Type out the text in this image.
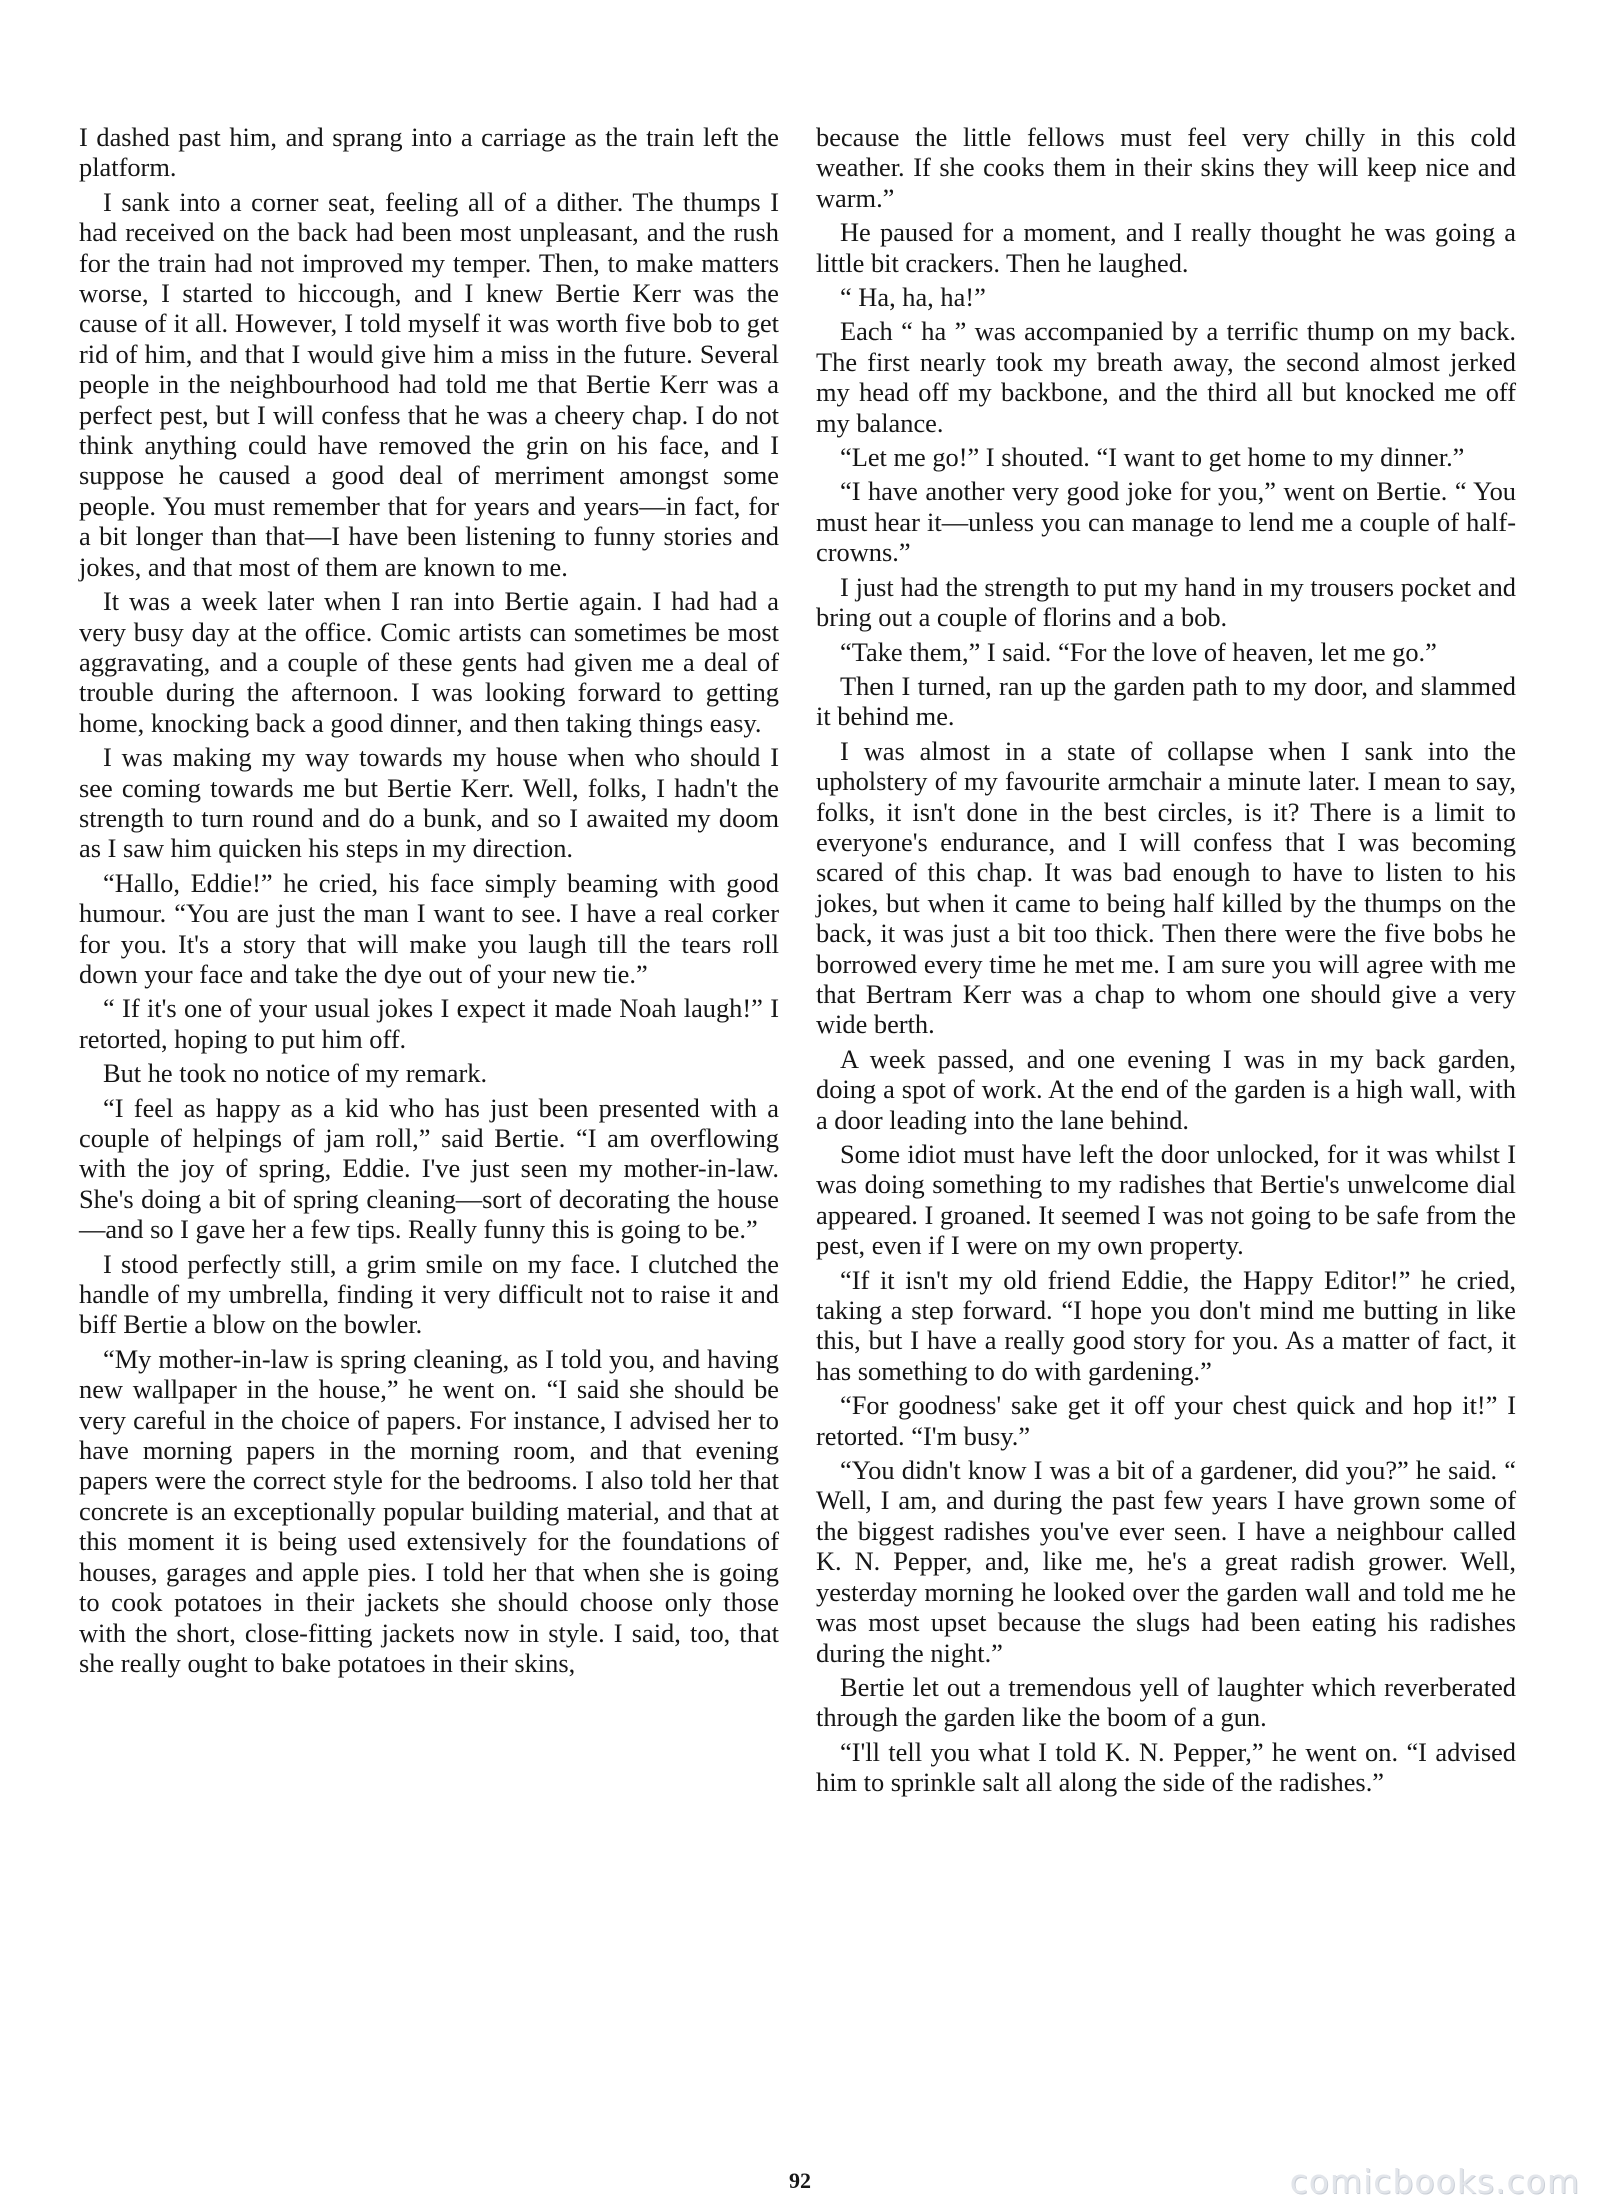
I dashed past him, and sprang into a carriage as the train left the platform.

I sank into a corner seat, feeling all of a dither. The thumps I had received on the back had been most unpleasant, and the rush for the train had not improved my temper. Then, to make matters worse, I started to hiccough, and I knew Bertie Kerr was the cause of it all. However, I told myself it was worth five bob to get rid of him, and that I would give him a miss in the future. Several people in the neighbourhood had told me that Bertie Kerr was a perfect pest, but I will confess that he was a cheery chap. I do not think anything could have removed the grin on his face, and I suppose he caused a good deal of merriment amongst some people. You must remember that for years and years—in fact, for a bit longer than that—I have been listening to funny stories and jokes, and that most of them are known to me.

It was a week later when I ran into Bertie again. I had had a very busy day at the office. Comic artists can sometimes be most aggravating, and a couple of these gents had given me a deal of trouble during the afternoon. I was looking forward to getting home, knocking back a good dinner, and then taking things easy.

I was making my way towards my house when who should I see coming towards me but Bertie Kerr. Well, folks, I hadn't the strength to turn round and do a bunk, and so I awaited my doom as I saw him quicken his steps in my direction.

“Hallo, Eddie!” he cried, his face simply beaming with good humour. “You are just the man I want to see. I have a real corker for you. It's a story that will make you laugh till the tears roll down your face and take the dye out of your new tie.”

“ If it's one of your usual jokes I expect it made Noah laugh!” I retorted, hoping to put him off.

But he took no notice of my remark.

“I feel as happy as a kid who has just been presented with a couple of helpings of jam roll,” said Bertie. “I am overflowing with the joy of spring, Eddie. I've just seen my mother-in-law. She's doing a bit of spring cleaning—sort of decorating the house—and so I gave her a few tips. Really funny this is going to be.”

I stood perfectly still, a grim smile on my face. I clutched the handle of my umbrella, finding it very difficult not to raise it and biff Bertie a blow on the bowler.

“My mother-in-law is spring cleaning, as I told you, and having new wallpaper in the house,” he went on. “I said she should be very careful in the choice of papers. For instance, I advised her to have morning papers in the morning room, and that evening papers were the correct style for the bedrooms. I also told her that concrete is an exceptionally popular building material, and that at this moment it is being used extensively for the foundations of houses, garages and apple pies. I told her that when she is going to cook potatoes in their jackets she should choose only those with the short, close-fitting jackets now in style. I said, too, that she really ought to bake potatoes in their skins,

because the little fellows must feel very chilly in this cold weather. If she cooks them in their skins they will keep nice and warm.”

He paused for a moment, and I really thought he was going a little bit crackers. Then he laughed.

“ Ha, ha, ha!”

Each “ ha ” was accompanied by a terrific thump on my back. The first nearly took my breath away, the second almost jerked my head off my backbone, and the third all but knocked me off my balance.

“Let me go!” I shouted. “I want to get home to my dinner.”

“I have another very good joke for you,” went on Bertie. “ You must hear it—unless you can manage to lend me a couple of half-crowns.”

I just had the strength to put my hand in my trousers pocket and bring out a couple of florins and a bob.

“Take them,” I said. “For the love of heaven, let me go.”

Then I turned, ran up the garden path to my door, and slammed it behind me.

I was almost in a state of collapse when I sank into the upholstery of my favourite armchair a minute later. I mean to say, folks, it isn't done in the best circles, is it? There is a limit to everyone's endurance, and I will confess that I was becoming scared of this chap. It was bad enough to have to listen to his jokes, but when it came to being half killed by the thumps on the back, it was just a bit too thick. Then there were the five bobs he borrowed every time he met me. I am sure you will agree with me that Bertram Kerr was a chap to whom one should give a very wide berth.

A week passed, and one evening I was in my back garden, doing a spot of work. At the end of the garden is a high wall, with a door leading into the lane behind.

Some idiot must have left the door unlocked, for it was whilst I was doing something to my radishes that Bertie's unwelcome dial appeared. I groaned. It seemed I was not going to be safe from the pest, even if I were on my own property.

“If it isn't my old friend Eddie, the Happy Editor!” he cried, taking a step forward. “I hope you don't mind me butting in like this, but I have a really good story for you. As a matter of fact, it has something to do with gardening.”

“For goodness' sake get it off your chest quick and hop it!” I retorted. “I'm busy.”

“You didn't know I was a bit of a gardener, did you?” he said. “ Well, I am, and during the past few years I have grown some of the biggest radishes you've ever seen. I have a neighbour called K. N. Pepper, and, like me, he's a great radish grower. Well, yesterday morning he looked over the garden wall and told me he was most upset because the slugs had been eating his radishes during the night.”

Bertie let out a tremendous yell of laughter which reverberated through the garden like the boom of a gun.

“I'll tell you what I told K. N. Pepper,” he went on. “I advised him to sprinkle salt all along the side of the radishes.”

92	comicbooks.com
